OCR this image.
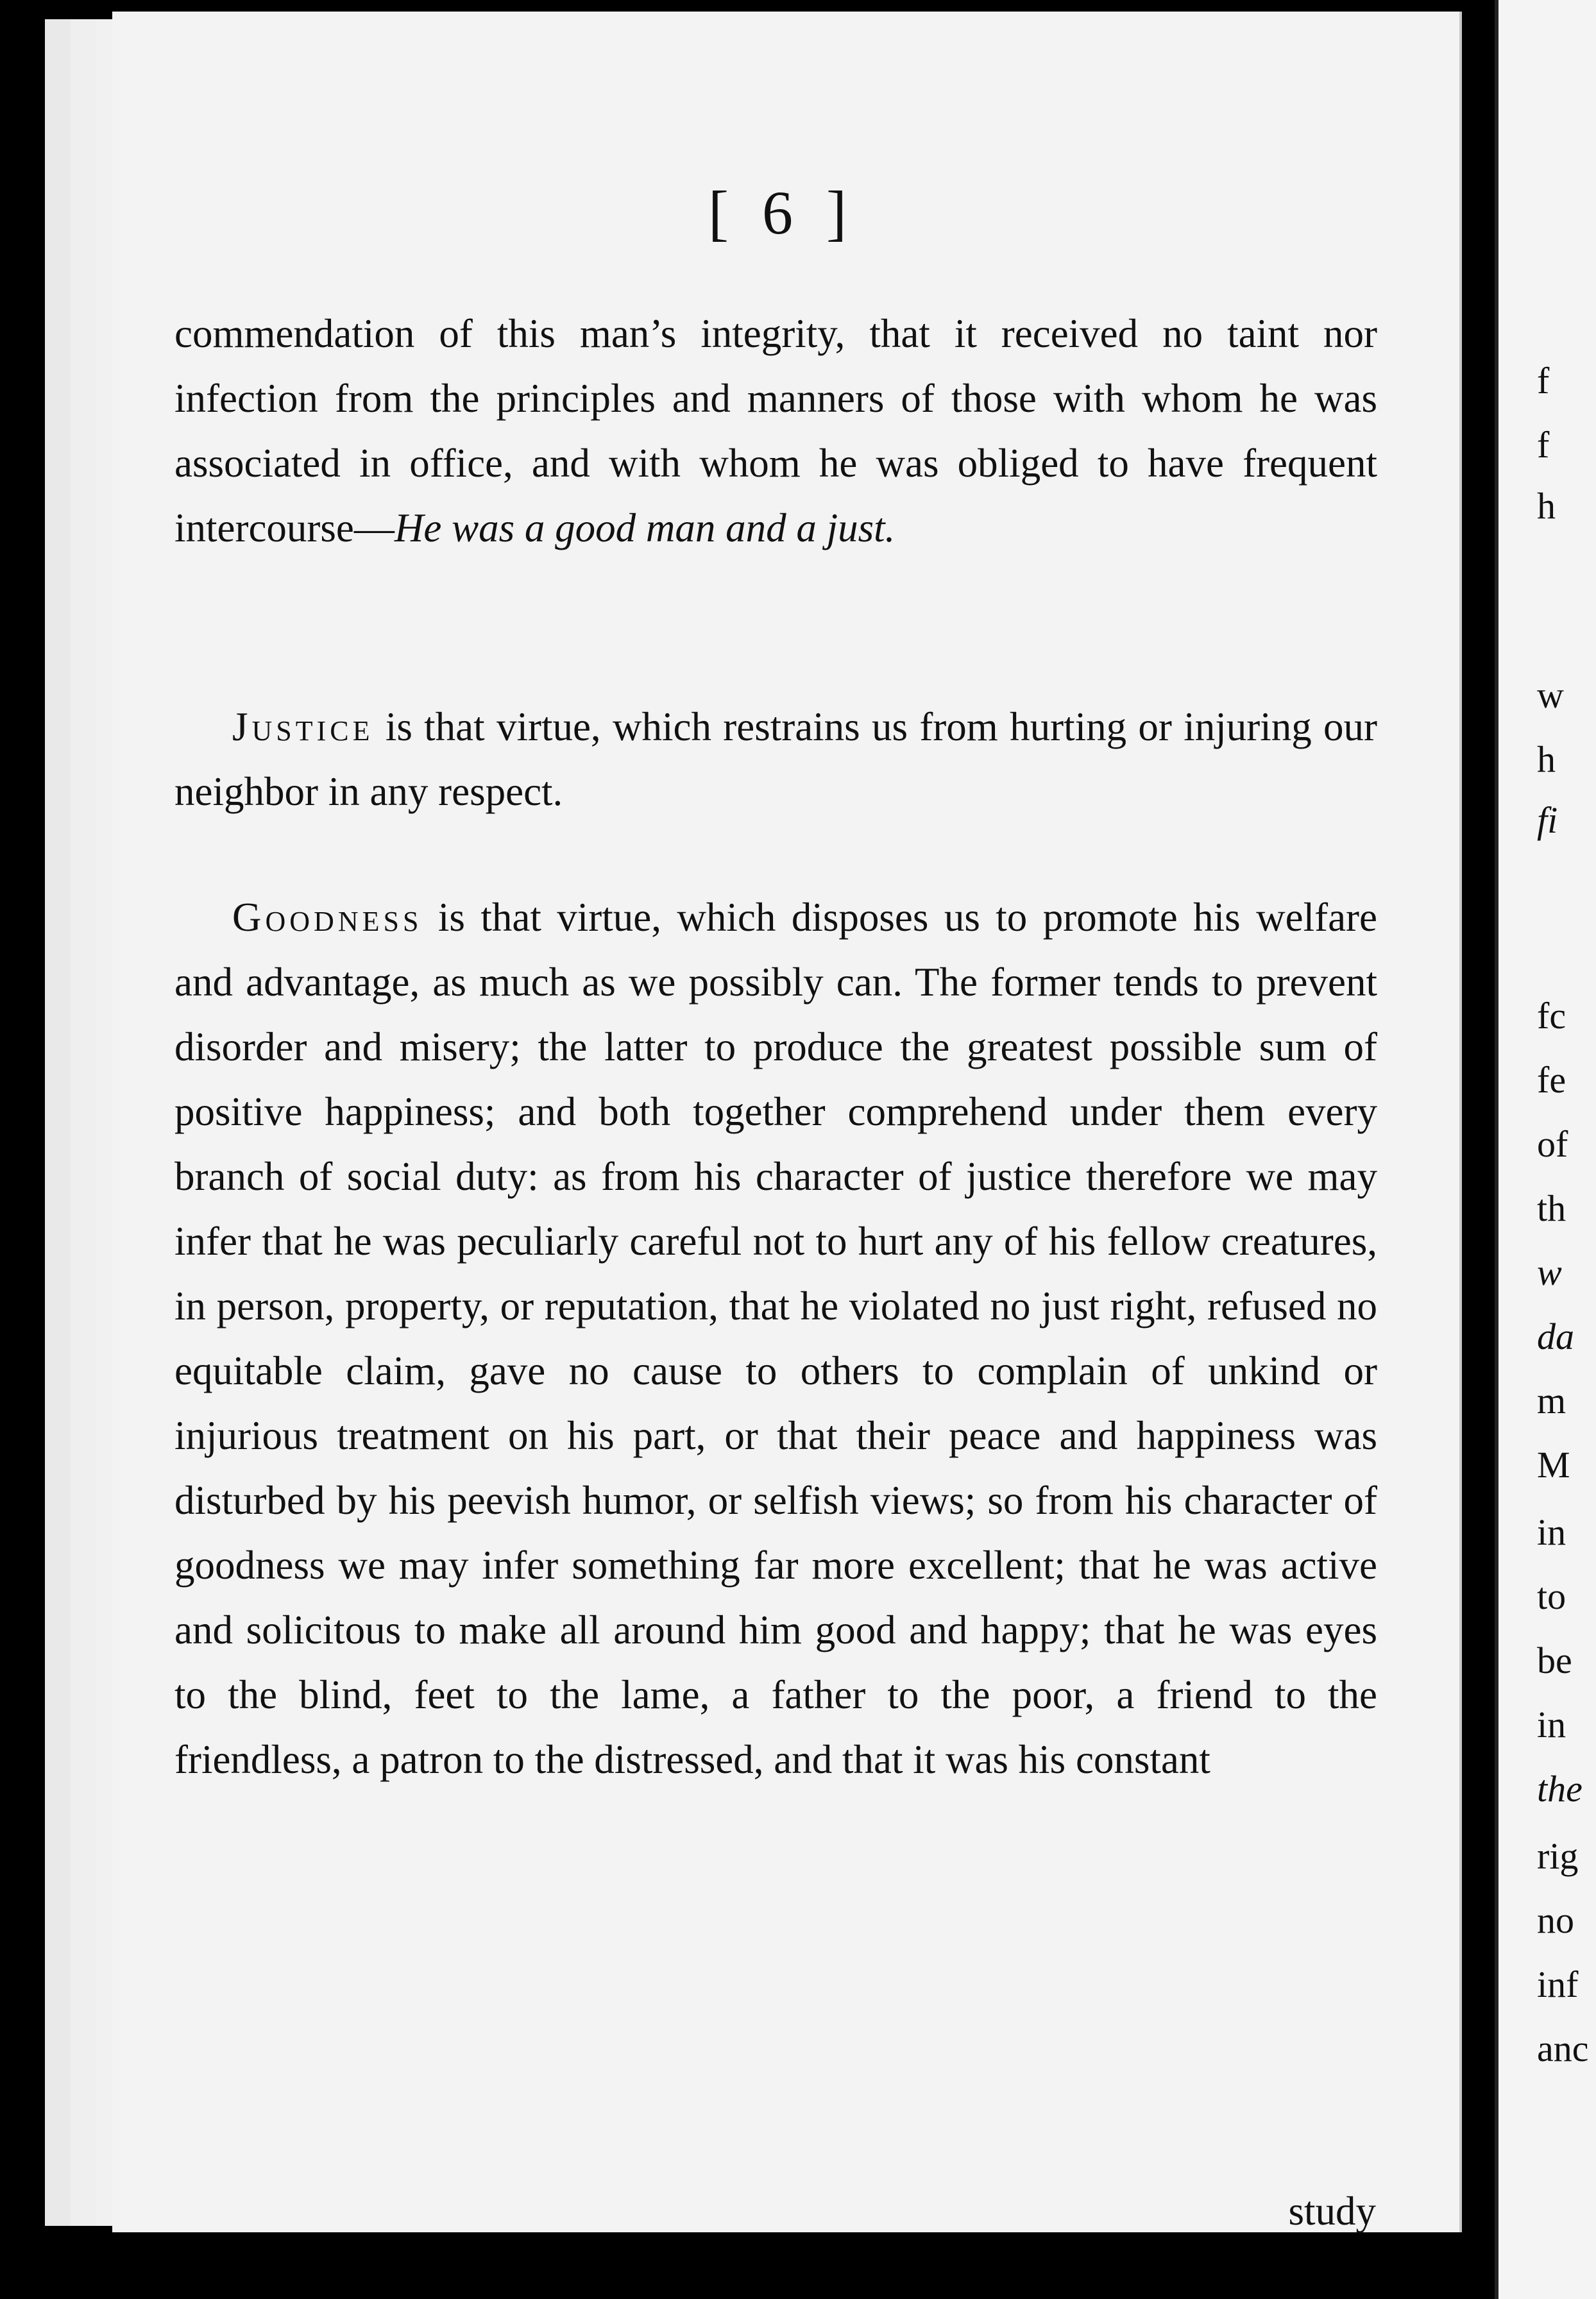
[ 6 ]

commendation of this man’s integrity, that it received no taint nor infection from the principles and manners of those with whom he was associated in office, and with whom he was obliged to have frequent intercourse—He was a good man and a just.

Justice is that virtue, which restrains us from hurting or injuring our neighbor in any respect.

Goodness is that virtue, which disposes us to promote his welfare and advantage, as much as we possibly can. The former tends to prevent disorder and misery; the latter to produce the greatest possible sum of positive happiness; and both together comprehend under them every branch of social duty: as from his character of justice therefore we may infer that he was peculiarly careful not to hurt any of his fellow creatures, in person, property, or reputation, that he violated no just right, refused no equitable claim, gave no cause to others to complain of unkind or injurious treatment on his part, or that their peace and happiness was disturbed by his peevish humor, or selfish views; so from his character of goodness we may infer something far more excellent; that he was active and solicitous to make all around him good and happy; that he was eyes to the blind, feet to the lame, a father to the poor, a friend to the friendless, a patron to the distressed, and that it was his constant

study
f
f
h
w
h
fi
fc
fe
of
th
w
da
m
M
in
to
be
in
the
rig
no
inf
anc
